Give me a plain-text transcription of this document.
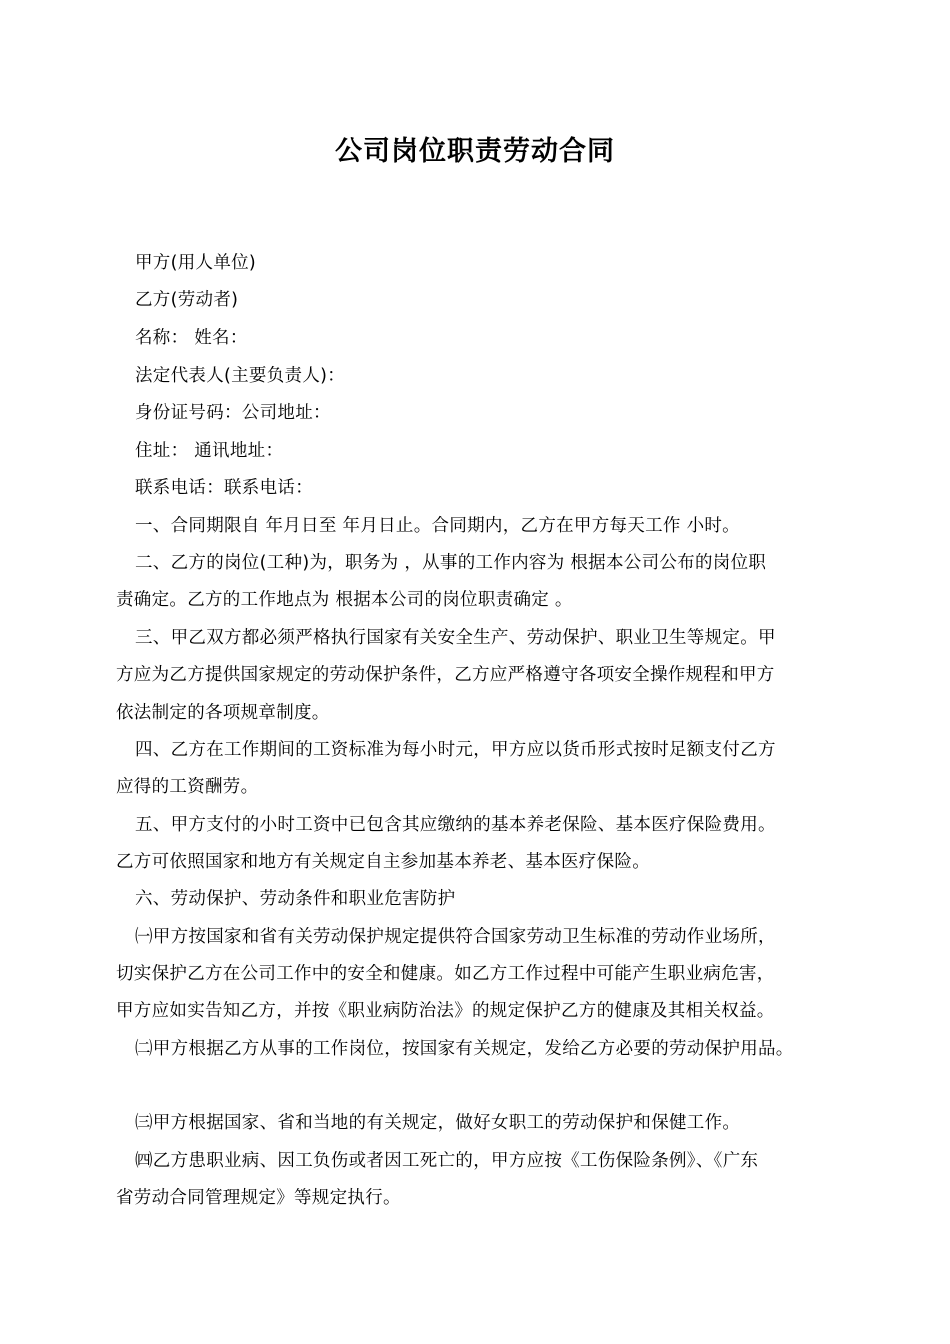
公司岗位职责劳动合同
甲方(用人单位)
乙方(劳动者)
名称： 姓名：
法定代表人(主要负责人)：
身份证号码：公司地址：
住址： 通讯地址：
联系电话：联系电话：
一、合同期限自 年月日至 年月日止。合同期内，乙方在甲方每天工作 小时。
二、乙方的岗位(工种)为，职务为 ，从事的工作内容为 根据本公司公布的岗位职
责确定。乙方的工作地点为 根据本公司的岗位职责确定 。
三、甲乙双方都必须严格执行国家有关安全生产、劳动保护、职业卫生等规定。甲
方应为乙方提供国家规定的劳动保护条件，乙方应严格遵守各项安全操作规程和甲方
依法制定的各项规章制度。
四、乙方在工作期间的工资标准为每小时元，甲方应以货币形式按时足额支付乙方
应得的工资酬劳。
五、甲方支付的小时工资中已包含其应缴纳的基本养老保险、基本医疗保险费用。
乙方可依照国家和地方有关规定自主参加基本养老、基本医疗保险。
六、劳动保护、劳动条件和职业危害防护
㈠甲方按国家和省有关劳动保护规定提供符合国家劳动卫生标准的劳动作业场所，
切实保护乙方在公司工作中的安全和健康。如乙方工作过程中可能产生职业病危害，
甲方应如实告知乙方，并按《职业病防治法》的规定保护乙方的健康及其相关权益。
㈡甲方根据乙方从事的工作岗位，按国家有关规定，发给乙方必要的劳动保护用品。
㈢甲方根据国家、省和当地的有关规定，做好女职工的劳动保护和保健工作。
㈣乙方患职业病、因工负伤或者因工死亡的，甲方应按《工伤保险条例》、《广东
省劳动合同管理规定》等规定执行。
